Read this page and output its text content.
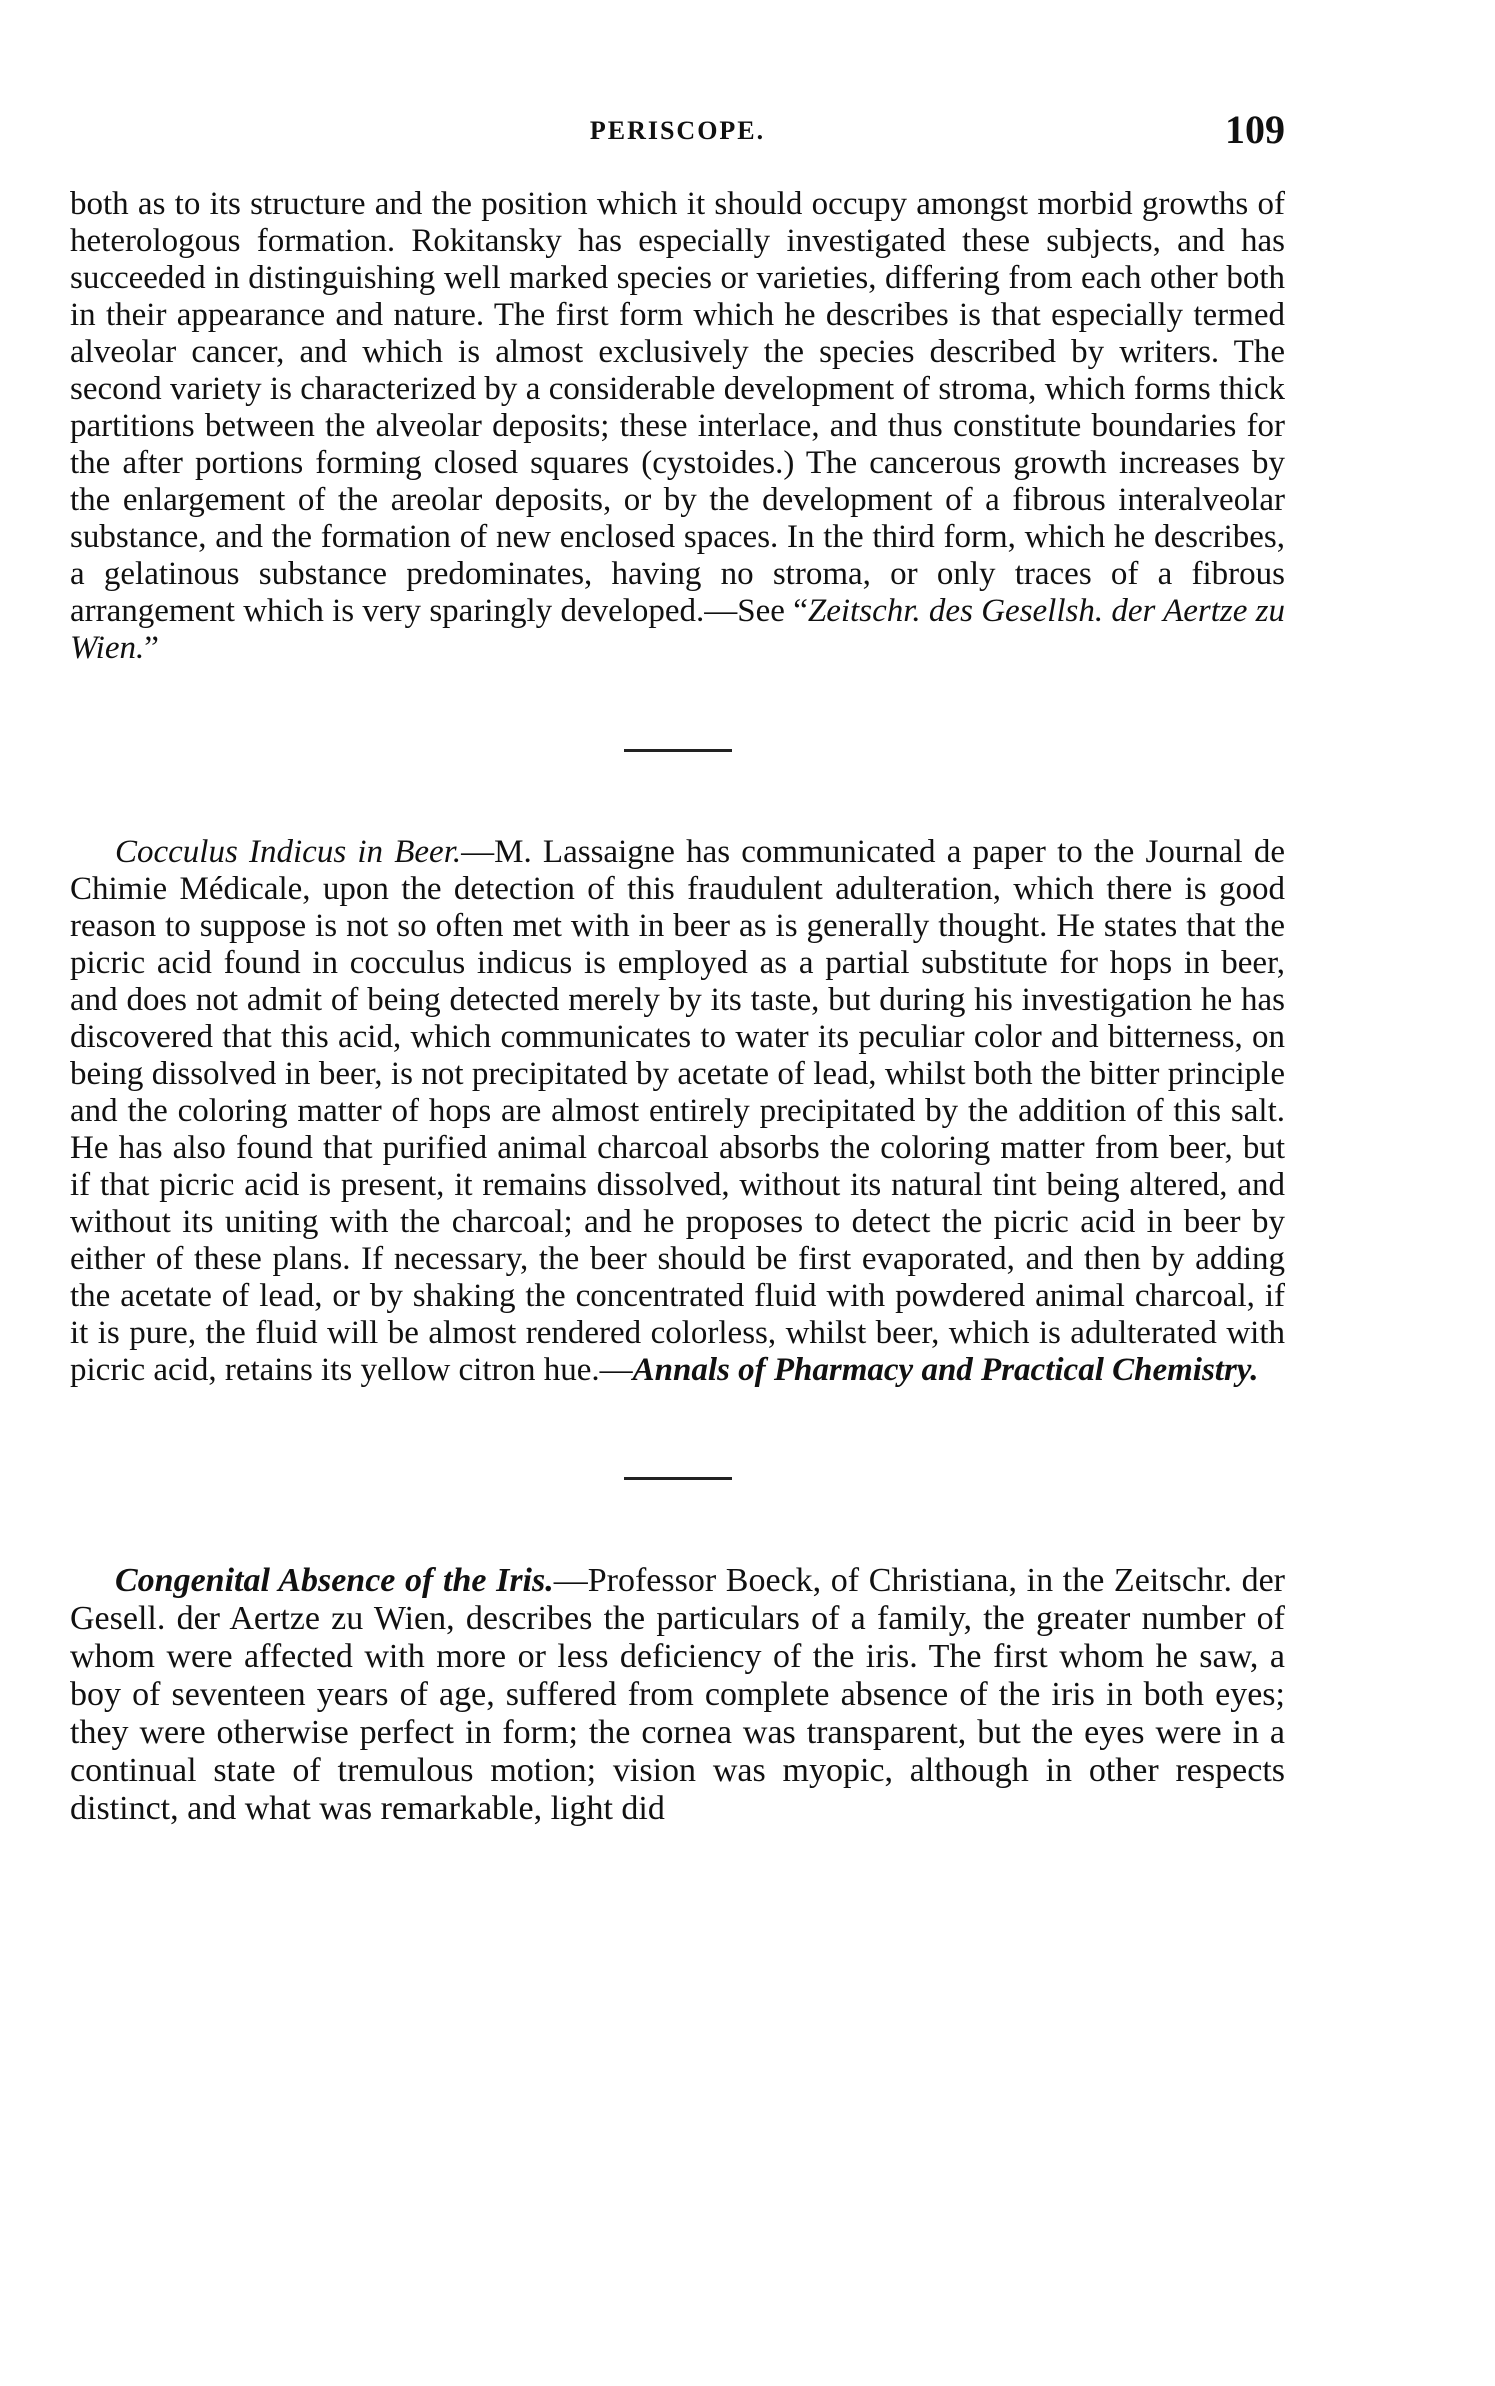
PERISCOPE.	109

both as to its structure and the position which it should occupy amongst morbid growths of heterologous formation. Rokitansky has especially investigated these subjects, and has succeeded in distinguishing well marked species or varieties, differing from each other both in their appearance and nature. The first form which he describes is that especially termed alveolar cancer, and which is almost exclusively the species described by writers. The second variety is characterized by a considerable development of stroma, which forms thick partitions between the alveolar deposits; these interlace, and thus constitute boundaries for the after portions forming closed squares (cystoides.) The cancerous growth increases by the enlargement of the areolar deposits, or by the development of a fibrous interalveolar substance, and the formation of new enclosed spaces. In the third form, which he describes, a gelatinous substance predominates, having no stroma, or only traces of a fibrous arrangement which is very sparingly developed.—See “Zeitschr. des Gesellsh. der Aertze zu Wien.”

Cocculus Indicus in Beer.—M. Lassaigne has communicated a paper to the Journal de Chimie Médicale, upon the detection of this fraudulent adulteration, which there is good reason to suppose is not so often met with in beer as is generally thought. He states that the picric acid found in cocculus indicus is employed as a partial substitute for hops in beer, and does not admit of being detected merely by its taste, but during his investigation he has discovered that this acid, which communicates to water its peculiar color and bitterness, on being dissolved in beer, is not precipitated by acetate of lead, whilst both the bitter principle and the coloring matter of hops are almost entirely precipitated by the addition of this salt. He has also found that purified animal charcoal absorbs the coloring matter from beer, but if that picric acid is present, it remains dissolved, without its natural tint being altered, and without its uniting with the charcoal; and he proposes to detect the picric acid in beer by either of these plans. If necessary, the beer should be first evaporated, and then by adding the acetate of lead, or by shaking the concentrated fluid with powdered animal charcoal, if it is pure, the fluid will be almost rendered colorless, whilst beer, which is adulterated with picric acid, retains its yellow citron hue.—Annals of Pharmacy and Practical Chemistry.

Congenital Absence of the Iris.—Professor Boeck, of Christiana, in the Zeitschr. der Gesell. der Aertze zu Wien, describes the particulars of a family, the greater number of whom were affected with more or less deficiency of the iris. The first whom he saw, a boy of seventeen years of age, suffered from complete absence of the iris in both eyes; they were otherwise perfect in form; the cornea was transparent, but the eyes were in a continual state of tremulous motion; vision was myopic, although in other respects distinct, and what was remarkable, light did
